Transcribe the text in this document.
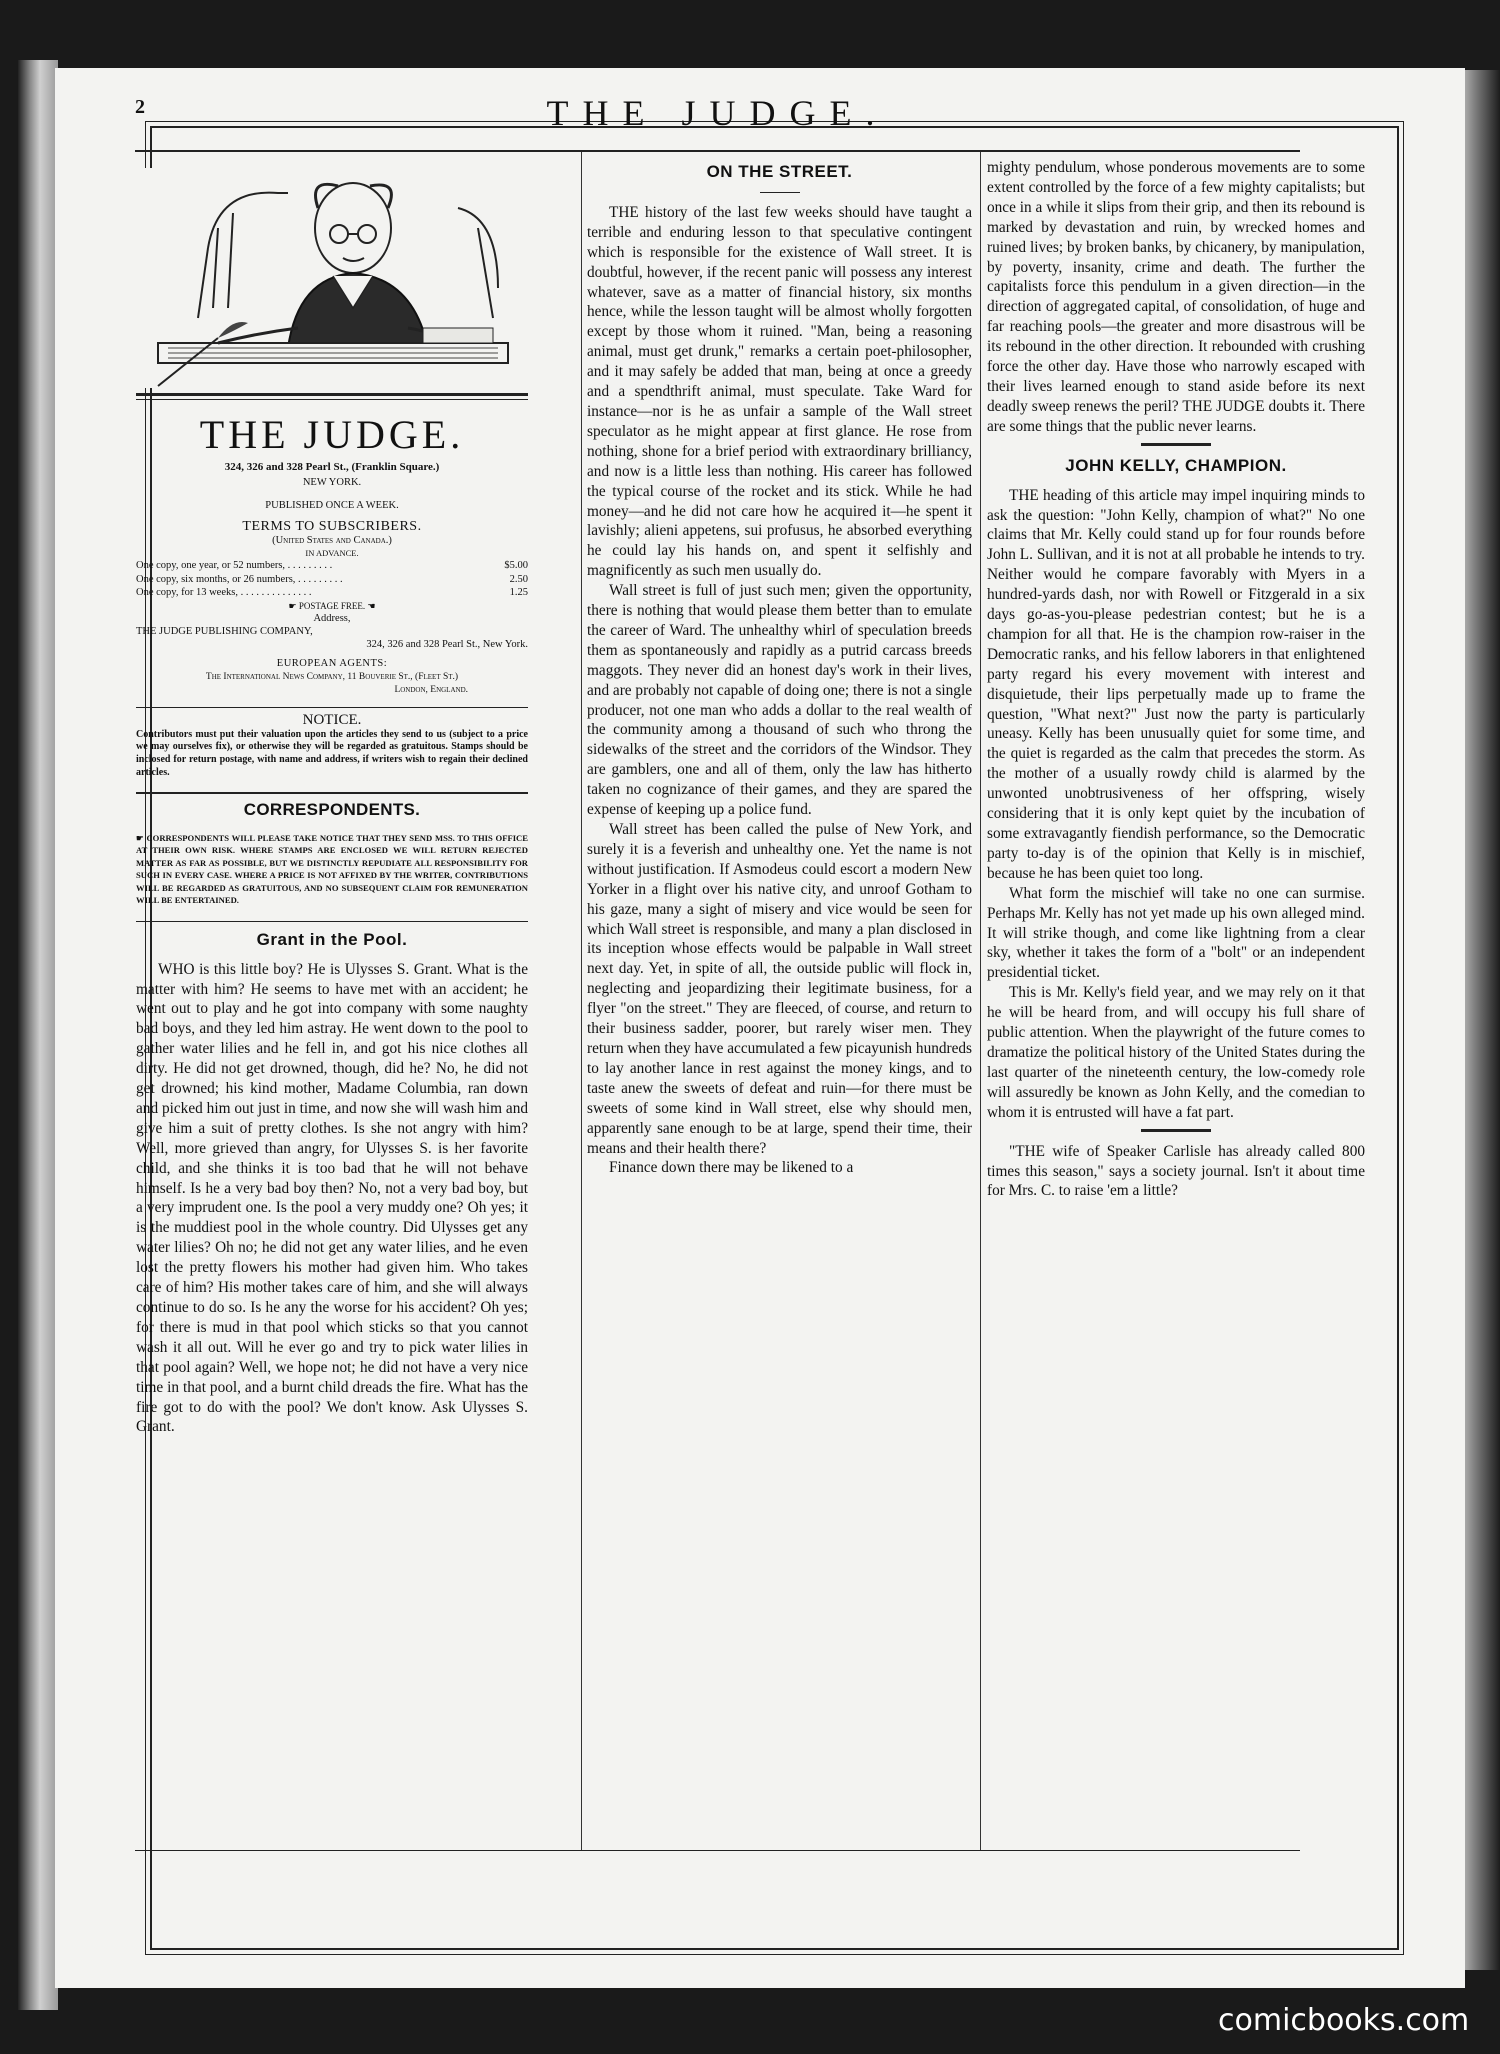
2	THE JUDGE.
THE JUDGE.
324, 326 and 328 Pearl St., (Franklin Square.)
NEW YORK.
PUBLISHED ONCE A WEEK.
TERMS TO SUBSCRIBERS.
(United States and Canada.)
IN ADVANCE.
One copy, one year, or 52 numbers, . . . . . . . . .	$5.00
One copy, six months, or 26 numbers, . . . . . . . . .	2.50
One copy, for 13 weeks, . . . . . . . . . . . . . .	1.25
☛ POSTAGE FREE. ☚
Address,
THE JUDGE PUBLISHING COMPANY,
324, 326 and 328 Pearl St., New York.
EUROPEAN AGENTS:
The International News Company, 11 Bouverie St., (Fleet St.)
London, England.
NOTICE.
Contributors must put their valuation upon the articles they send to us (subject to a price we may ourselves fix), or otherwise they will be regarded as gratuitous. Stamps should be inclosed for return postage, with name and address, if writers wish to regain their declined articles.
CORRESPONDENTS.
☛ CORRESPONDENTS WILL PLEASE TAKE NOTICE THAT THEY SEND MSS. TO THIS OFFICE AT THEIR OWN RISK. WHERE STAMPS ARE ENCLOSED WE WILL RETURN REJECTED MATTER AS FAR AS POSSIBLE, BUT WE DISTINCTLY REPUDIATE ALL RESPONSIBILITY FOR SUCH IN EVERY CASE. WHERE A PRICE IS NOT AFFIXED BY THE WRITER, CONTRIBUTIONS WILL BE REGARDED AS GRATUITOUS, AND NO SUBSEQUENT CLAIM FOR REMUNERATION WILL BE ENTERTAINED.
Grant in the Pool.

WHO is this little boy? He is Ulysses S. Grant. What is the matter with him? He seems to have met with an accident; he went out to play and he got into company with some naughty bad boys, and they led him astray. He went down to the pool to gather water lilies and he fell in, and got his nice clothes all dirty. He did not get drowned, though, did he? No, he did not get drowned; his kind mother, Madame Columbia, ran down and picked him out just in time, and now she will wash him and give him a suit of pretty clothes. Is she not angry with him? Well, more grieved than angry, for Ulysses S. is her favorite child, and she thinks it is too bad that he will not behave himself. Is he a very bad boy then? No, not a very bad boy, but a very imprudent one. Is the pool a very muddy one? Oh yes; it is the muddiest pool in the whole country. Did Ulysses get any water lilies? Oh no; he did not get any water lilies, and he even lost the pretty flowers his mother had given him. Who takes care of him? His mother takes care of him, and she will always continue to do so. Is he any the worse for his accident? Oh yes; for there is mud in that pool which sticks so that you cannot wash it all out. Will he ever go and try to pick water lilies in that pool again? Well, we hope not; he did not have a very nice time in that pool, and a burnt child dreads the fire. What has the fire got to do with the pool? We don't know. Ask Ulysses S. Grant.

ON THE STREET.

THE history of the last few weeks should have taught a terrible and enduring lesson to that speculative contingent which is responsible for the existence of Wall street. It is doubtful, however, if the recent panic will possess any interest whatever, save as a matter of financial history, six months hence, while the lesson taught will be almost wholly forgotten except by those whom it ruined. "Man, being a reasoning animal, must get drunk," remarks a certain poet-philosopher, and it may safely be added that man, being at once a greedy and a spendthrift animal, must speculate. Take Ward for instance—nor is he as unfair a sample of the Wall street speculator as he might appear at first glance. He rose from nothing, shone for a brief period with extraordinary brilliancy, and now is a little less than nothing. His career has followed the typical course of the rocket and its stick. While he had money—and he did not care how he acquired it—he spent it lavishly; alieni appetens, sui profusus, he absorbed everything he could lay his hands on, and spent it selfishly and magnificently as such men usually do.

Wall street is full of just such men; given the opportunity, there is nothing that would please them better than to emulate the career of Ward. The unhealthy whirl of speculation breeds them as spontaneously and rapidly as a putrid carcass breeds maggots. They never did an honest day's work in their lives, and are probably not capable of doing one; there is not a single producer, not one man who adds a dollar to the real wealth of the community among a thousand of such who throng the sidewalks of the street and the corridors of the Windsor. They are gamblers, one and all of them, only the law has hitherto taken no cognizance of their games, and they are spared the expense of keeping up a police fund.

Wall street has been called the pulse of New York, and surely it is a feverish and unhealthy one. Yet the name is not without justification. If Asmodeus could escort a modern New Yorker in a flight over his native city, and unroof Gotham to his gaze, many a sight of misery and vice would be seen for which Wall street is responsible, and many a plan disclosed in its inception whose effects would be palpable in Wall street next day. Yet, in spite of all, the outside public will flock in, neglecting and jeopardizing their legitimate business, for a flyer "on the street." They are fleeced, of course, and return to their business sadder, poorer, but rarely wiser men. They return when they have accumulated a few picayunish hundreds to lay another lance in rest against the money kings, and to taste anew the sweets of defeat and ruin—for there must be sweets of some kind in Wall street, else why should men, apparently sane enough to be at large, spend their time, their means and their health there?

Finance down there may be likened to a

mighty pendulum, whose ponderous movements are to some extent controlled by the force of a few mighty capitalists; but once in a while it slips from their grip, and then its rebound is marked by devastation and ruin, by wrecked homes and ruined lives; by broken banks, by chicanery, by manipulation, by poverty, insanity, crime and death. The further the capitalists force this pendulum in a given direction—in the direction of aggregated capital, of consolidation, of huge and far reaching pools—the greater and more disastrous will be its rebound in the other direction. It rebounded with crushing force the other day. Have those who narrowly escaped with their lives learned enough to stand aside before its next deadly sweep renews the peril? THE JUDGE doubts it. There are some things that the public never learns.

JOHN KELLY, CHAMPION.

THE heading of this article may impel inquiring minds to ask the question: "John Kelly, champion of what?" No one claims that Mr. Kelly could stand up for four rounds before John L. Sullivan, and it is not at all probable he intends to try. Neither would he compare favorably with Myers in a hundred-yards dash, nor with Rowell or Fitzgerald in a six days go-as-you-please pedestrian contest; but he is a champion for all that. He is the champion row-raiser in the Democratic ranks, and his fellow laborers in that enlightened party regard his every movement with interest and disquietude, their lips perpetually made up to frame the question, "What next?" Just now the party is particularly uneasy. Kelly has been unusually quiet for some time, and the quiet is regarded as the calm that precedes the storm. As the mother of a usually rowdy child is alarmed by the unwonted unobtrusiveness of her offspring, wisely considering that it is only kept quiet by the incubation of some extravagantly fiendish performance, so the Democratic party to-day is of the opinion that Kelly is in mischief, because he has been quiet too long.

What form the mischief will take no one can surmise. Perhaps Mr. Kelly has not yet made up his own alleged mind. It will strike though, and come like lightning from a clear sky, whether it takes the form of a "bolt" or an independent presidential ticket.

This is Mr. Kelly's field year, and we may rely on it that he will be heard from, and will occupy his full share of public attention. When the playwright of the future comes to dramatize the political history of the United States during the last quarter of the nineteenth century, the low-comedy role will assuredly be known as John Kelly, and the comedian to whom it is entrusted will have a fat part.

"THE wife of Speaker Carlisle has already called 800 times this season," says a society journal. Isn't it about time for Mrs. C. to raise 'em a little?

comicbooks.com
